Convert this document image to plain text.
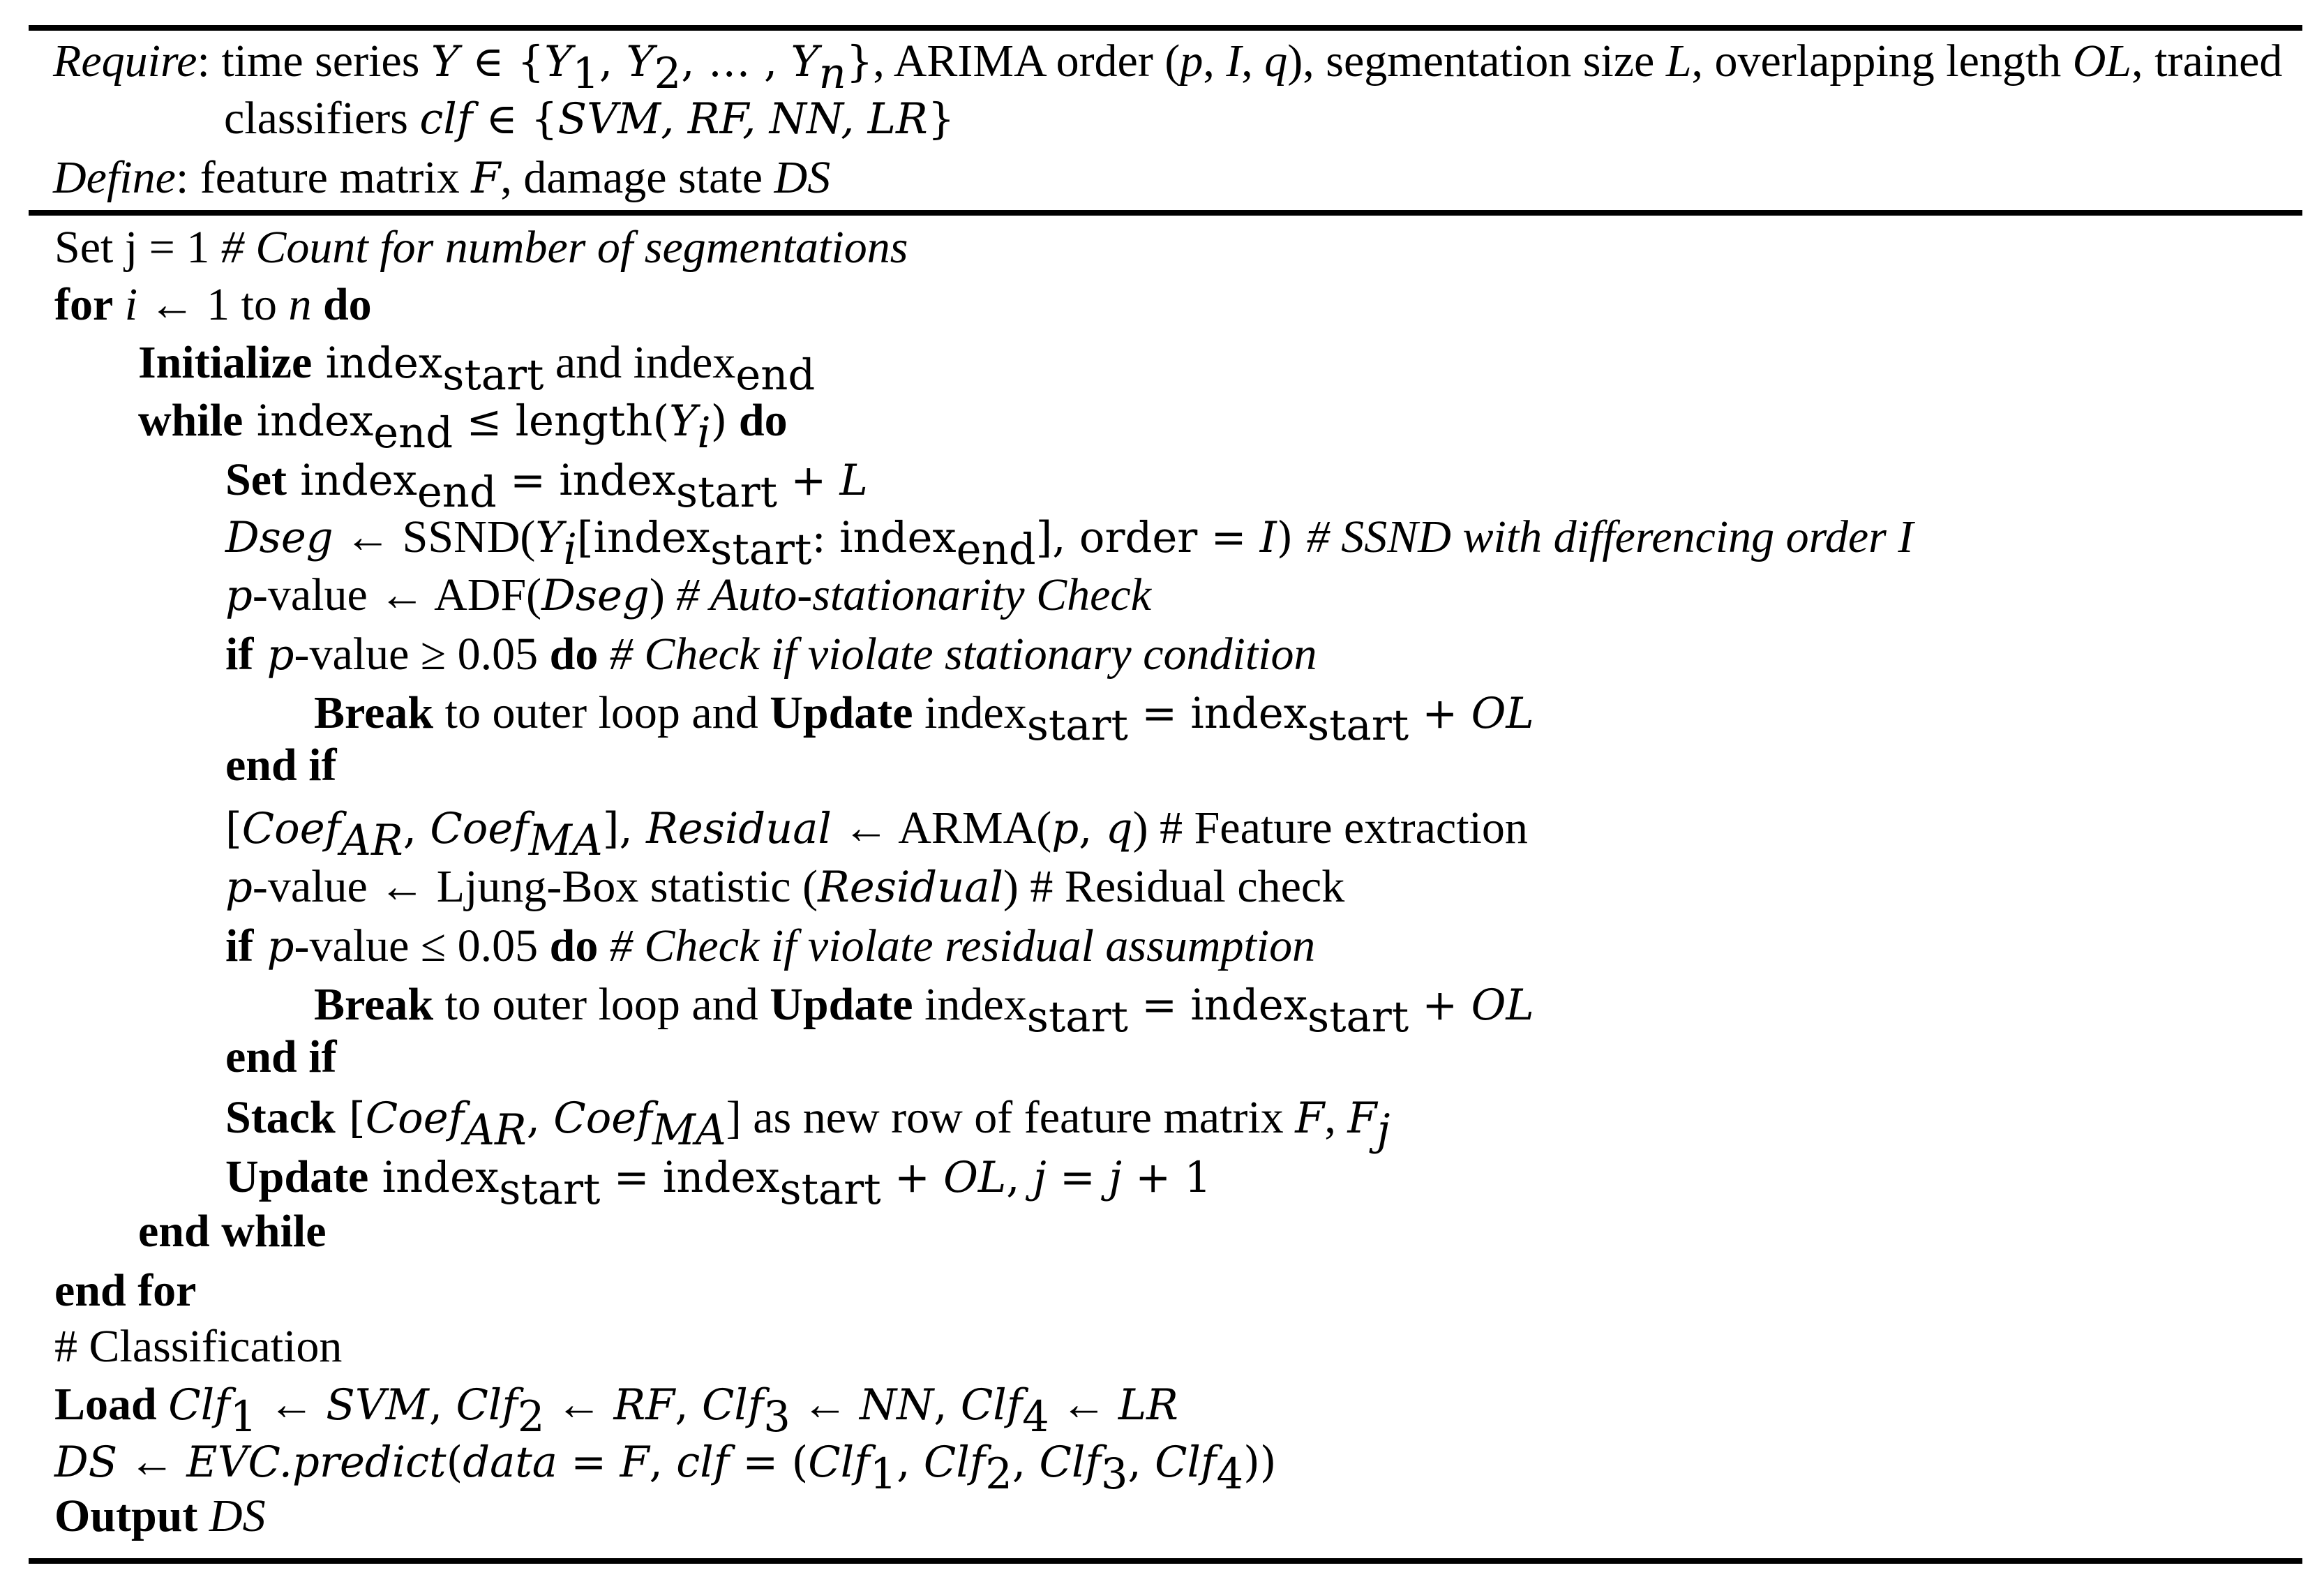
Require: time series Y ∈ {$Y_1$, $Y_2$, … , $Y_n$}, ARIMA order (p, I, q), segmentation size L, overlapping length OL, trained
classifiers clf ∈ {SVM, RF, NN, LR}
Define: feature matrix F, damage state DS
Set j = 1 # Count for number of segmentations
for i ← 1 to n do
Initialize index$_{start}$ and index$_{end}$
while index$_{end}$ ≤ $length(Y_i)$ do
Set index$_{end}$ = index$_{start}$ + L
Dseg ← $SSND(Y_i[index_{start}$: index$_{end}$], order = I) # SSND with differencing order I
p-value ← ADF(Dseg) # Auto-stationarity Check
if p-value ≥ 0.05 do # Check if violate stationary condition
Break to outer loop and Update index$_{start}$ = index$_{start}$ + OL
end if
[Coef$_{AR}$, Coef$_{MA}$], Residual ← ARMA(p, q) # Feature extraction
p-value ← Ljung-Box statistic (Residual) # Residual check
if p-value ≤ 0.05 do # Check if violate residual assumption
Break to outer loop and Update index$_{start}$ = index$_{start}$ + OL
end if
Stack [Coef$_{AR}$, Coef$_{MA}$] as new row of feature matrix F, $F_j$
Update index$_{start}$ = index$_{start}$ + OL, j = j + 1
end while
end for
# Classification
Load Clf$_1$ ← SVM, Clf$_2$ ← RF, Clf$_3$ ← NN, Clf$_4$ ← LR
DS ← EVC.predict(data = F, clf = (Clf$_1$, Clf$_2$, Clf$_3$, Clf$_4$))
Output DS
